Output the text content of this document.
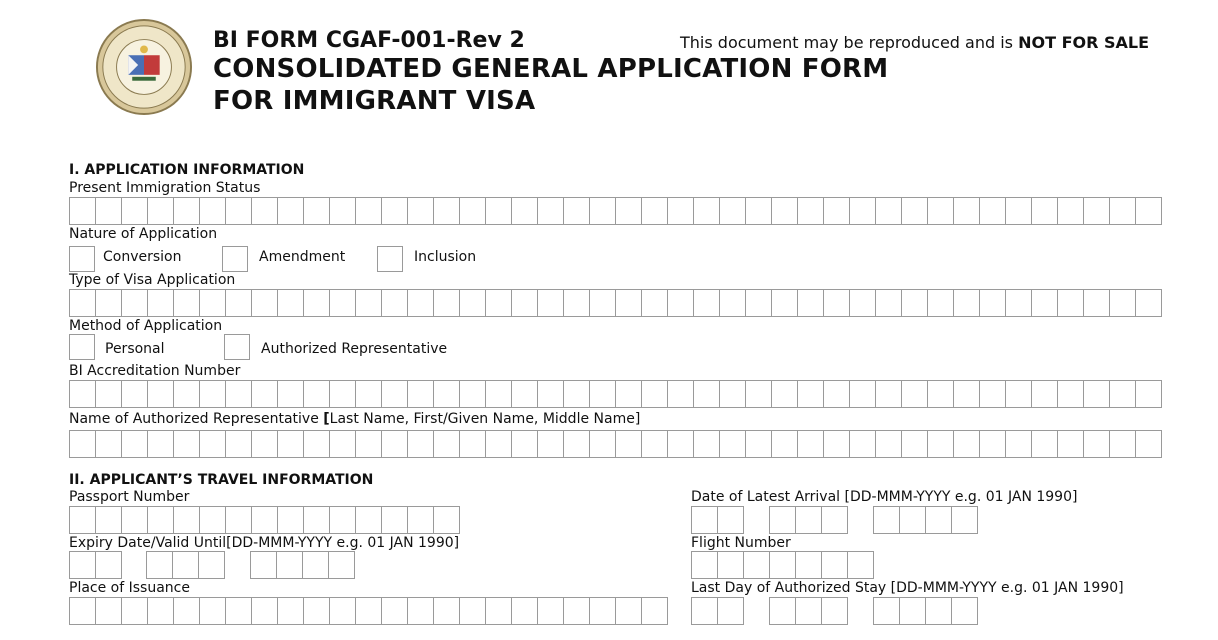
BI FORM CGAF-001-Rev 2	This document may be reproduced and is NOT FOR SALE
CONSOLIDATED GENERAL APPLICATION FORM
FOR IMMIGRANT VISA
I. APPLICATION INFORMATION
Present Immigration Status
Nature of Application
Conversion	Amendment	Inclusion
Type of Visa Application
Method of Application
Personal	Authorized Representative
BI Accreditation Number
Name of Authorized Representative [Last Name, First/Given Name, Middle Name]
II. APPLICANT’S TRAVEL INFORMATION
Passport Number
Expiry Date/Valid Until[DD-MMM-YYYY e.g. 01 JAN 1990]
Place of Issuance
Date of Latest Arrival [DD-MMM-YYYY e.g. 01 JAN 1990]
Flight Number
Last Day of Authorized Stay [DD-MMM-YYYY e.g. 01 JAN 1990]
